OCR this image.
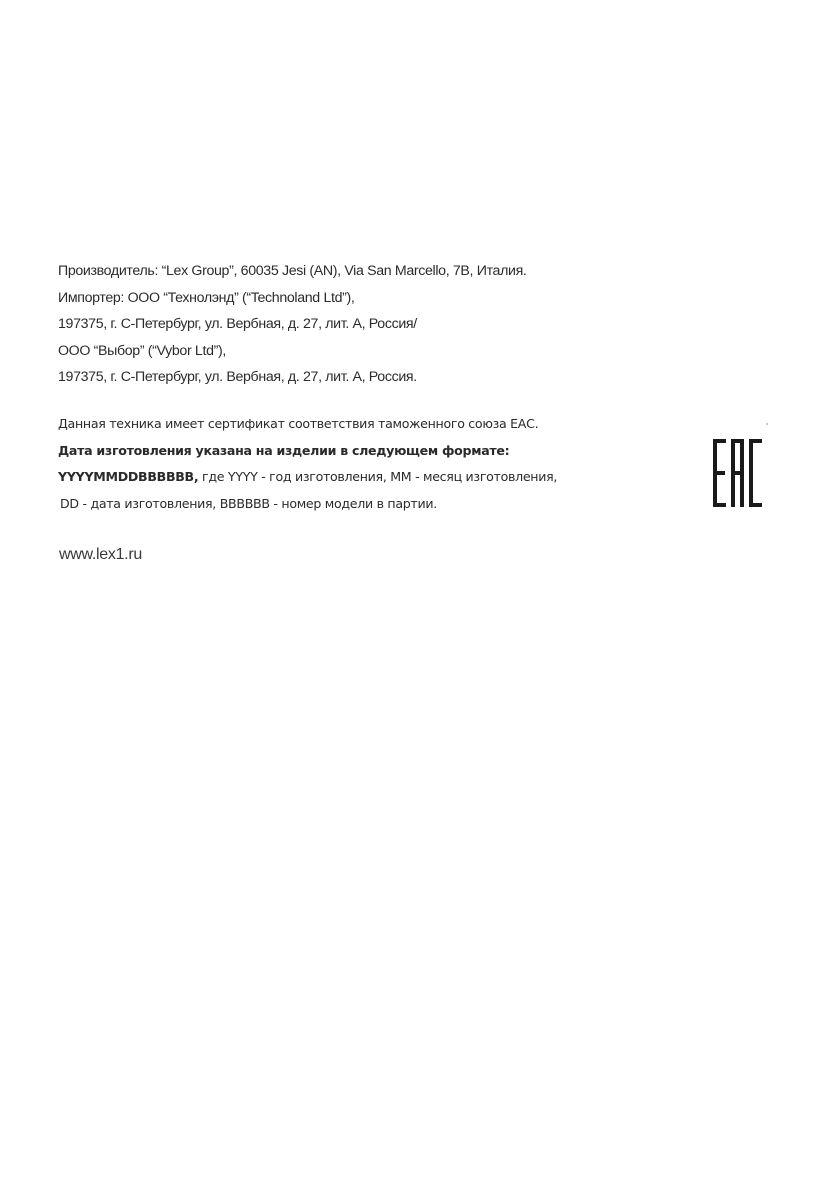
Производитель: “Lex Group”, 60035 Jesi (AN), Via San Marcello, 7B, Италия.
Импортер: ООО “Технолэнд” (“Technoland Ltd”),
197375, г. С-Петербург, ул. Вербная, д. 27, лит. А, Россия/
ООО “Выбор” (“Vybor Ltd”),
197375, г. С-Петербург, ул. Вербная, д. 27, лит. А, Россия.
Данная техника имеет сертификат соответствия таможенного союза ЕАС.
Дата изготовления указана на изделии в следующем формате:
YYYYMMDDBBBBBB, где YYYY - год изготовления, ММ - месяц изготовления,
DD - дата изготовления, BBBBBB - номер модели в партии.
www.lex1.ru
